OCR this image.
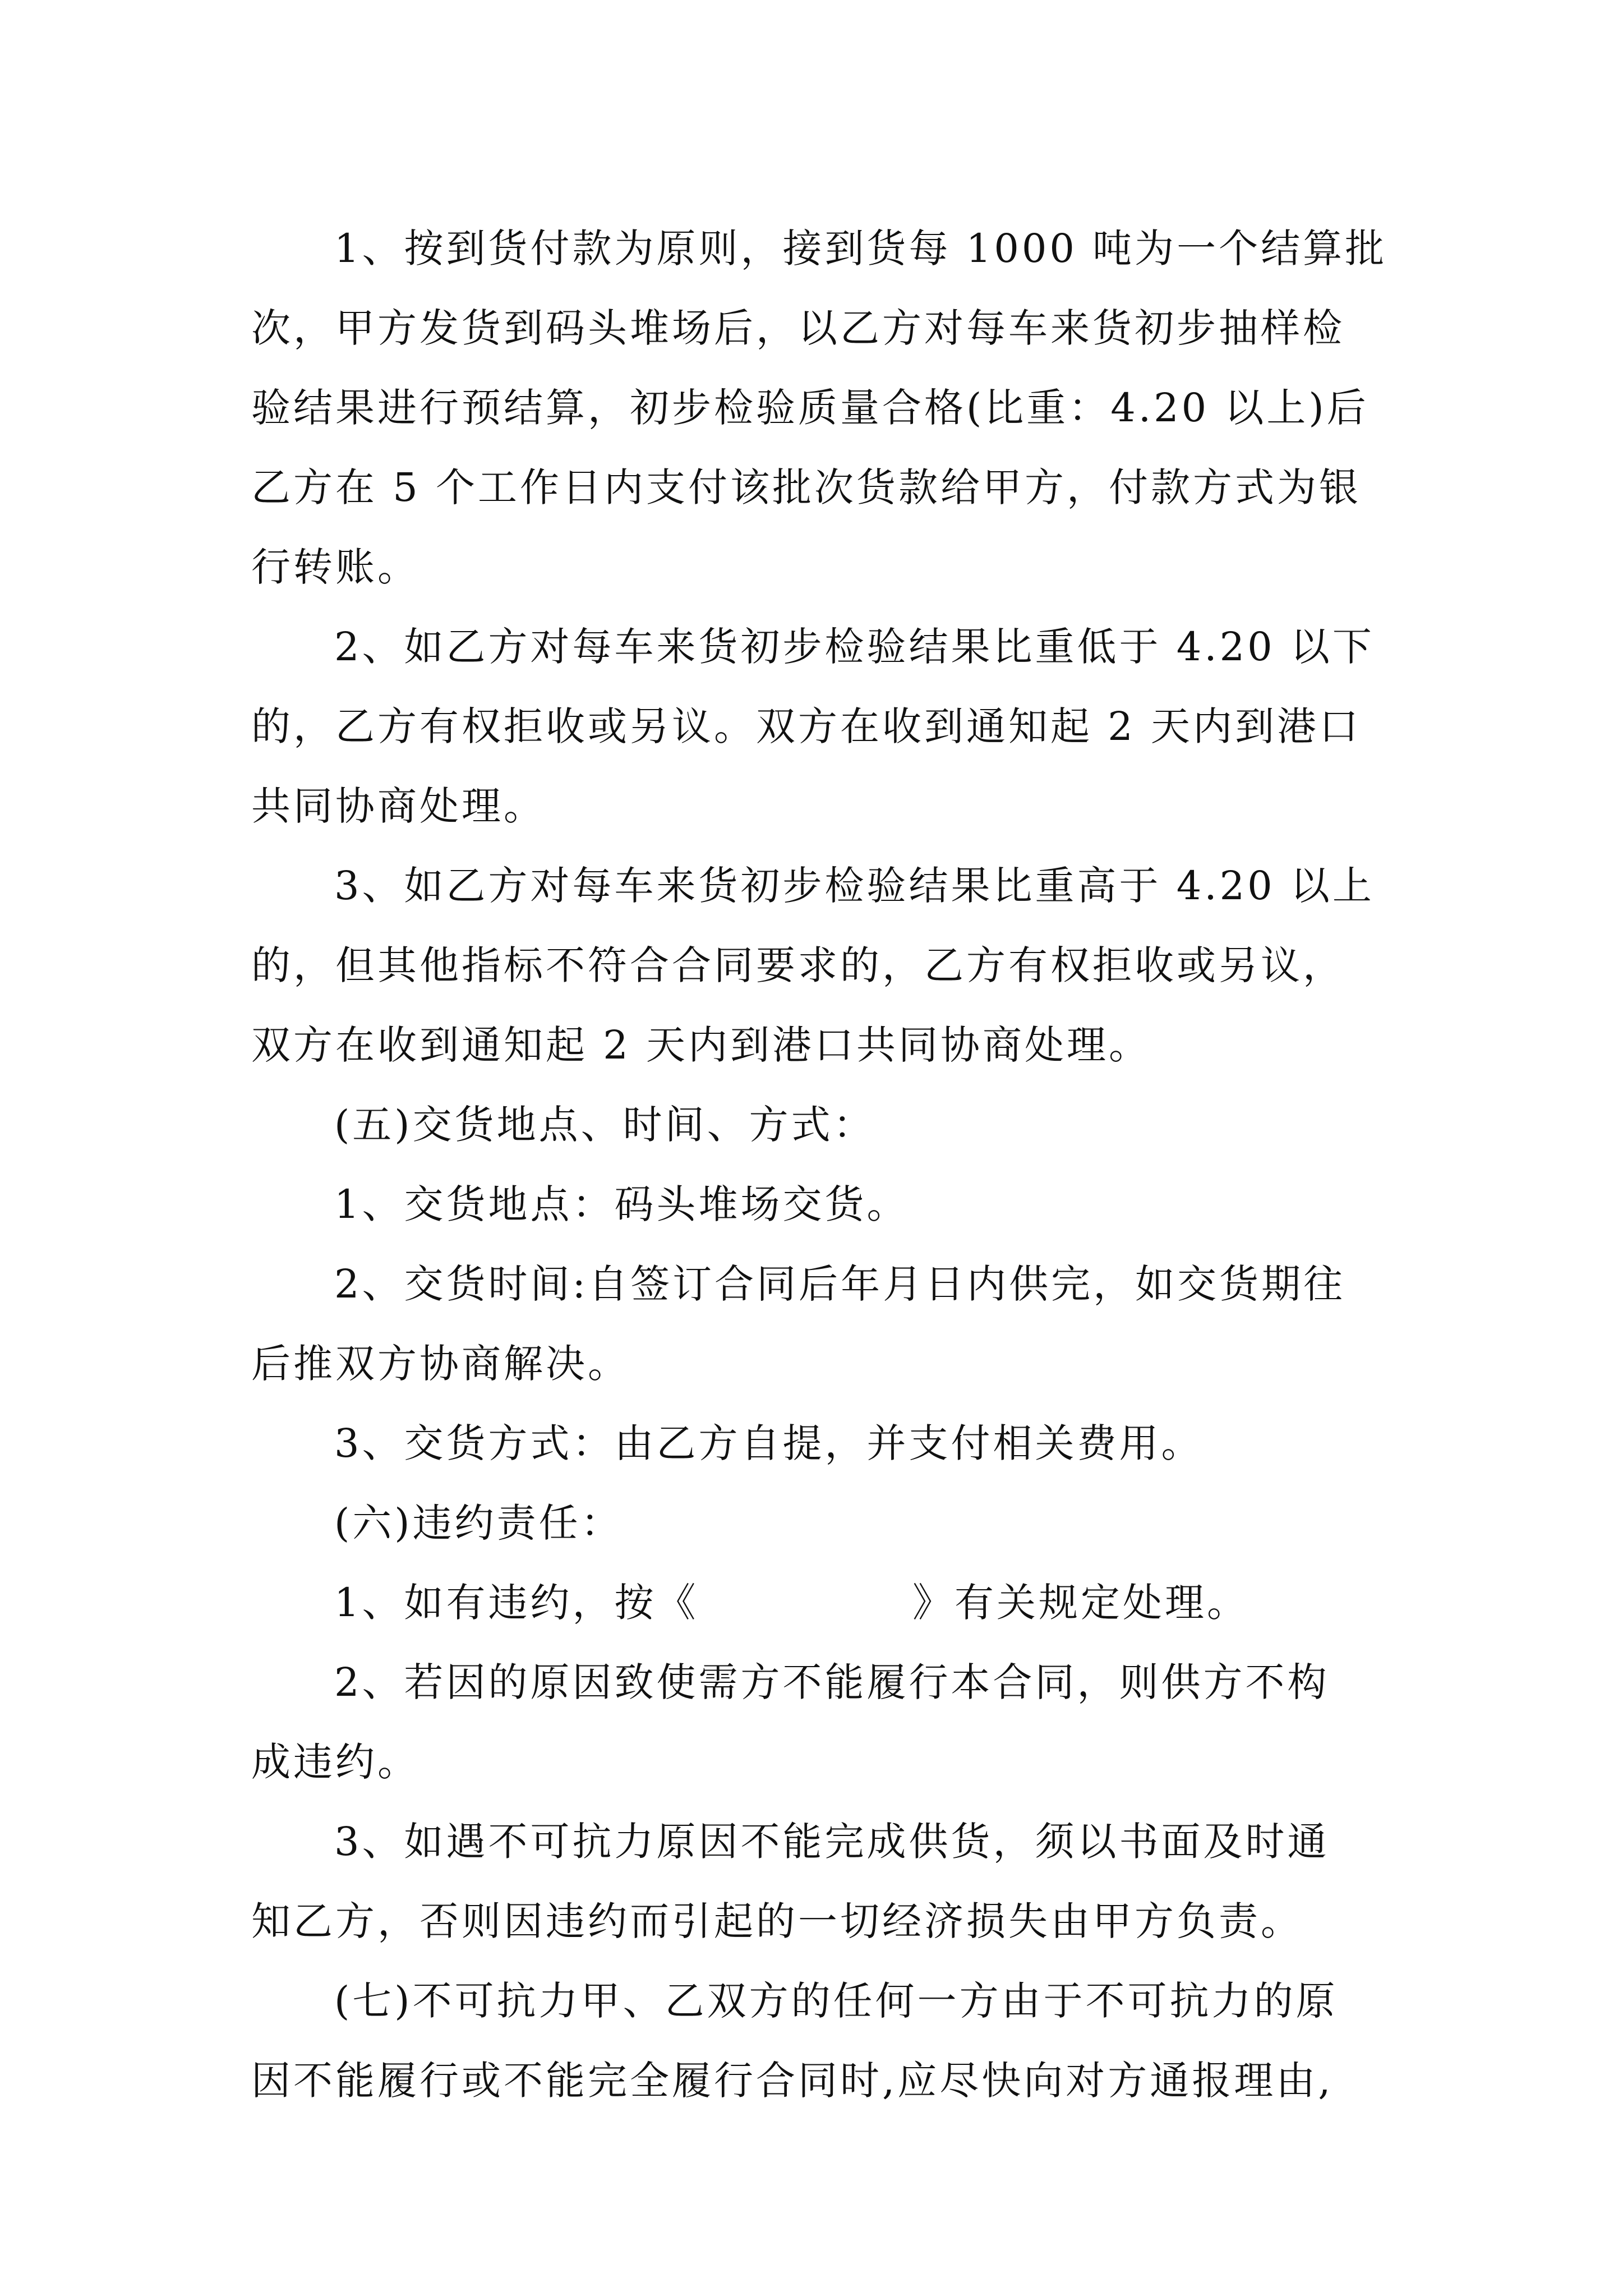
1、按到货付款为原则，接到货每 1000 吨为一个结算批
次，甲方发货到码头堆场后，以乙方对每车来货初步抽样检
验结果进行预结算，初步检验质量合格(比重：4.20 以上)后
乙方在 5 个工作日内支付该批次货款给甲方，付款方式为银
行转账。
2、如乙方对每车来货初步检验结果比重低于 4.20 以下
的，乙方有权拒收或另议。双方在收到通知起 2 天内到港口
共同协商处理。
3、如乙方对每车来货初步检验结果比重高于 4.20 以上
的，但其他指标不符合合同要求的，乙方有权拒收或另议，
双方在收到通知起 2 天内到港口共同协商处理。
(五)交货地点、时间、方式：
1、交货地点：码头堆场交货。
2、交货时间:自签订合同后年月日内供完，如交货期往
后推双方协商解决。
3、交货方式：由乙方自提，并支付相关费用。
(六)违约责任：
1、如有违约，按《              》有关规定处理。
2、若因的原因致使需方不能履行本合同，则供方不构
成违约。
3、如遇不可抗力原因不能完成供货，须以书面及时通
知乙方，否则因违约而引起的一切经济损失由甲方负责。
(七)不可抗力甲、乙双方的任何一方由于不可抗力的原
因不能履行或不能完全履行合同时,应尽快向对方通报理由,
